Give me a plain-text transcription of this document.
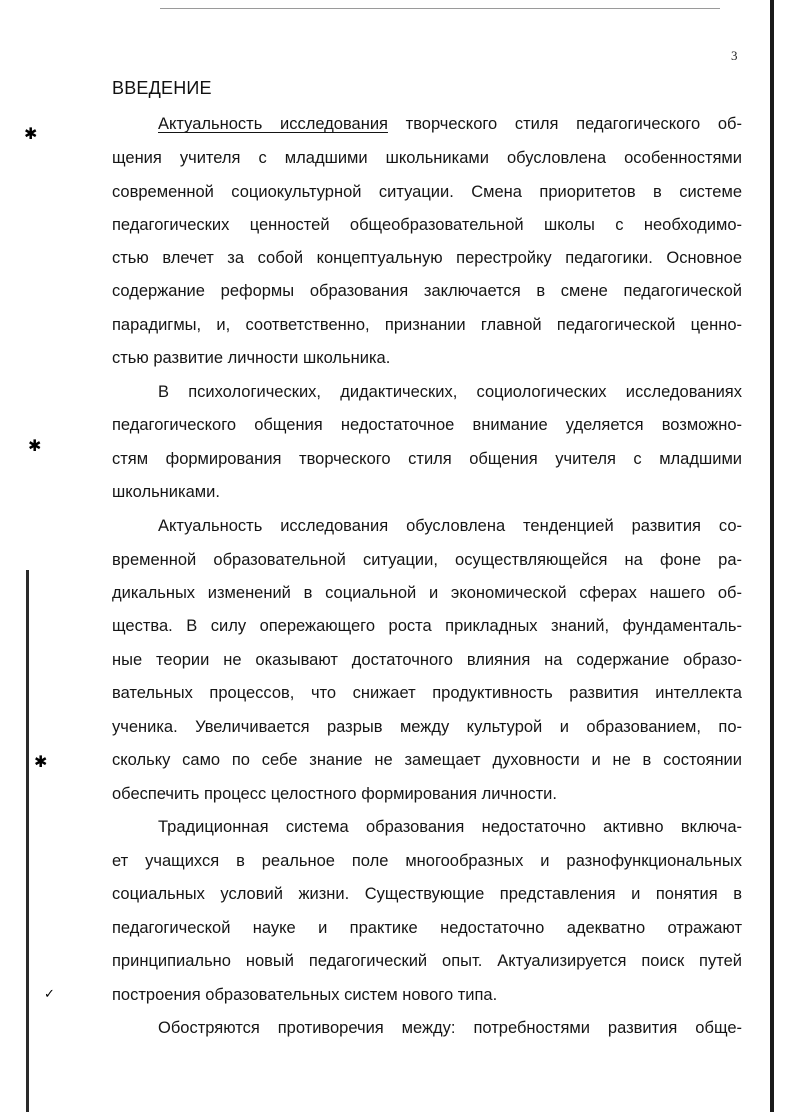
3
ВВЕДЕНИЕ
✱
✱
✱
✓
Актуальность исследования творческого стиля педагогического об-
щения учителя с младшими школьниками обусловлена особенностями
современной социокультурной ситуации. Смена приоритетов в системе
педагогических ценностей общеобразовательной школы с необходимо-
стью влечет за собой концептуальную перестройку педагогики. Основное
содержание реформы образования заключается в смене педагогической
парадигмы, и, соответственно, признании главной педагогической ценно-
стью развитие личности школьника.
В психологических, дидактических, социологических исследованиях
педагогического общения недостаточное внимание уделяется возможно-
стям формирования творческого стиля общения учителя с младшими
школьниками.
Актуальность исследования обусловлена тенденцией развития со-
временной образовательной ситуации, осуществляющейся на фоне ра-
дикальных изменений в социальной и экономической сферах нашего об-
щества. В силу опережающего роста прикладных знаний, фундаменталь-
ные теории не оказывают достаточного влияния на содержание образо-
вательных процессов, что снижает продуктивность развития интеллекта
ученика. Увеличивается разрыв между культурой и образованием, по-
скольку само по себе знание не замещает духовности и не в состоянии
обеспечить процесс целостного формирования личности.
Традиционная система образования недостаточно активно включа-
ет учащихся в реальное поле многообразных и разнофункциональных
социальных условий жизни. Существующие представления и понятия в
педагогической науке и практике недостаточно адекватно отражают
принципиально новый педагогический опыт. Актуализируется поиск путей
построения образовательных систем нового типа.
Обостряются противоречия между: потребностями развития обще-
